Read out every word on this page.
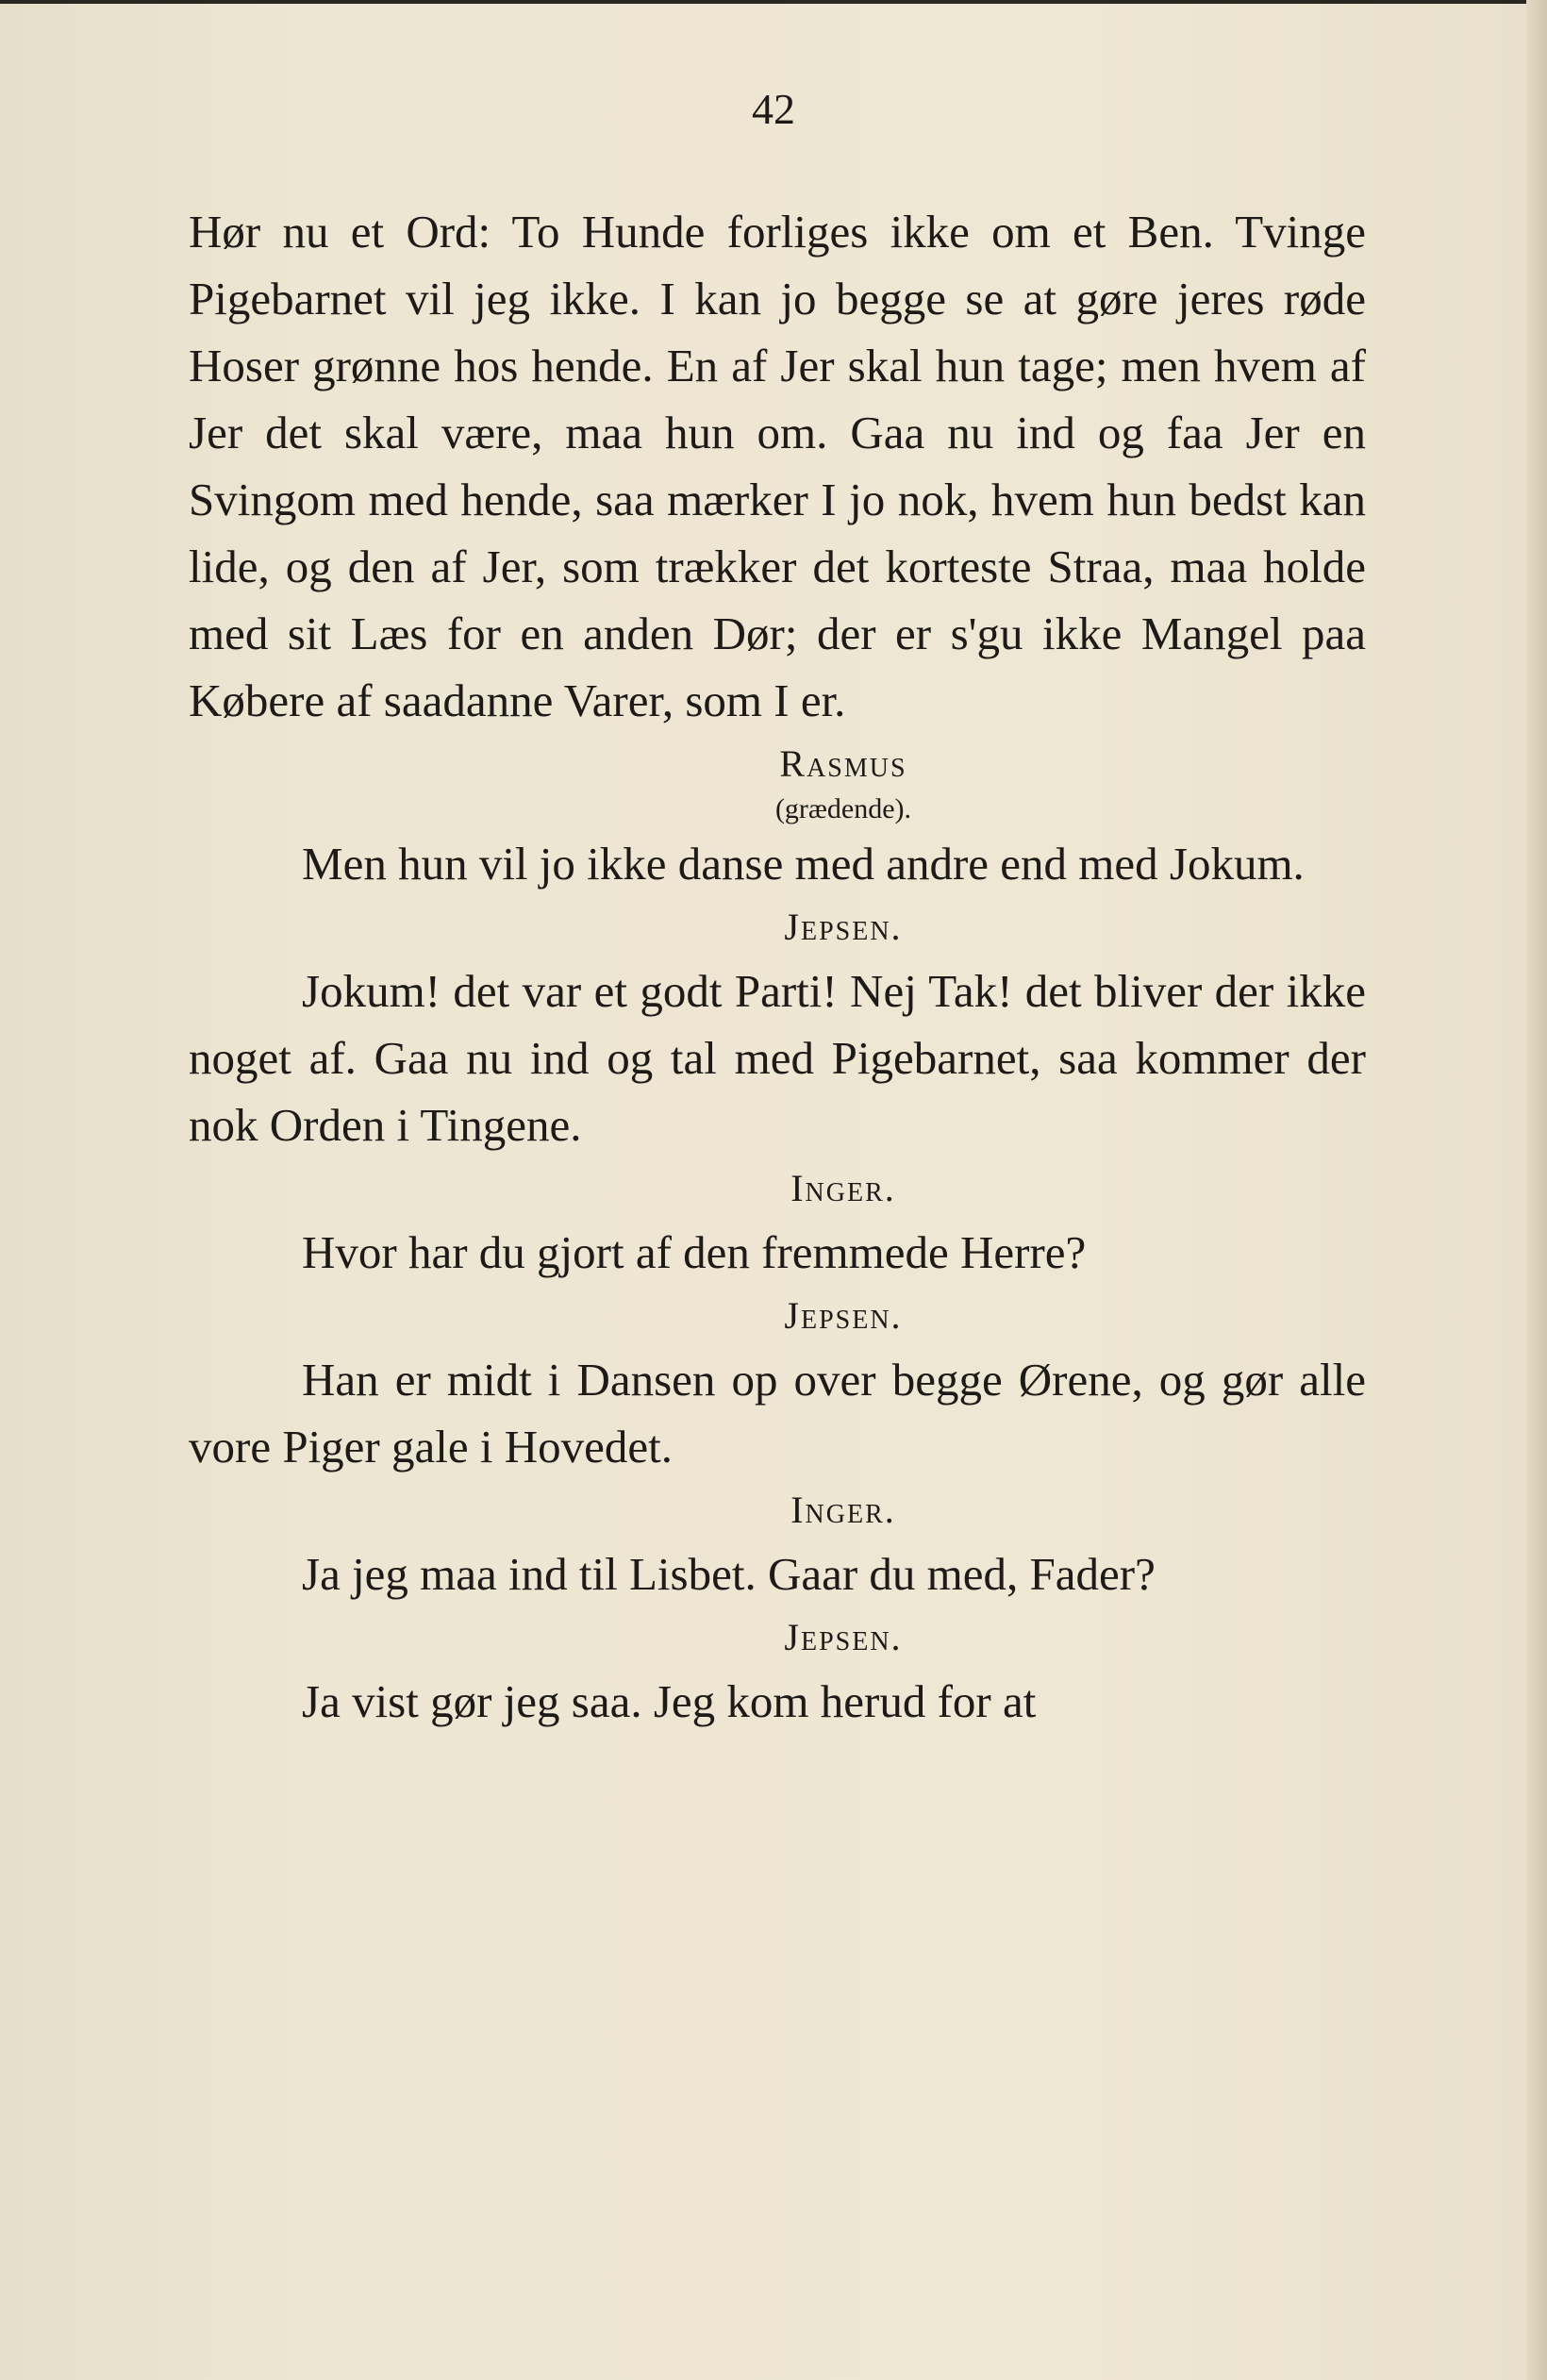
42

Hør nu et Ord: To Hunde forliges ikke om et Ben. Tvinge Pigebarnet vil jeg ikke. I kan jo begge se at gøre jeres røde Hoser grønne hos hende. En af Jer skal hun tage; men hvem af Jer det skal være, maa hun om. Gaa nu ind og faa Jer en Svingom med hende, saa mærker I jo nok, hvem hun bedst kan lide, og den af Jer, som trækker det korteste Straa, maa holde med sit Læs for en anden Dør; der er s'gu ikke Mangel paa Købere af saadanne Varer, som I er.

Rasmus

(grædende).

Men hun vil jo ikke danse med andre end med Jokum.

Jepsen.

Jokum! det var et godt Parti! Nej Tak! det bliver der ikke noget af. Gaa nu ind og tal med Pigebarnet, saa kommer der nok Orden i Tingene.

Inger.

Hvor har du gjort af den fremmede Herre?

Jepsen.

Han er midt i Dansen op over begge Ørene, og gør alle vore Piger gale i Hovedet.

Inger.

Ja jeg maa ind til Lisbet. Gaar du med, Fader?

Jepsen.

Ja vist gør jeg saa. Jeg kom herud for at
